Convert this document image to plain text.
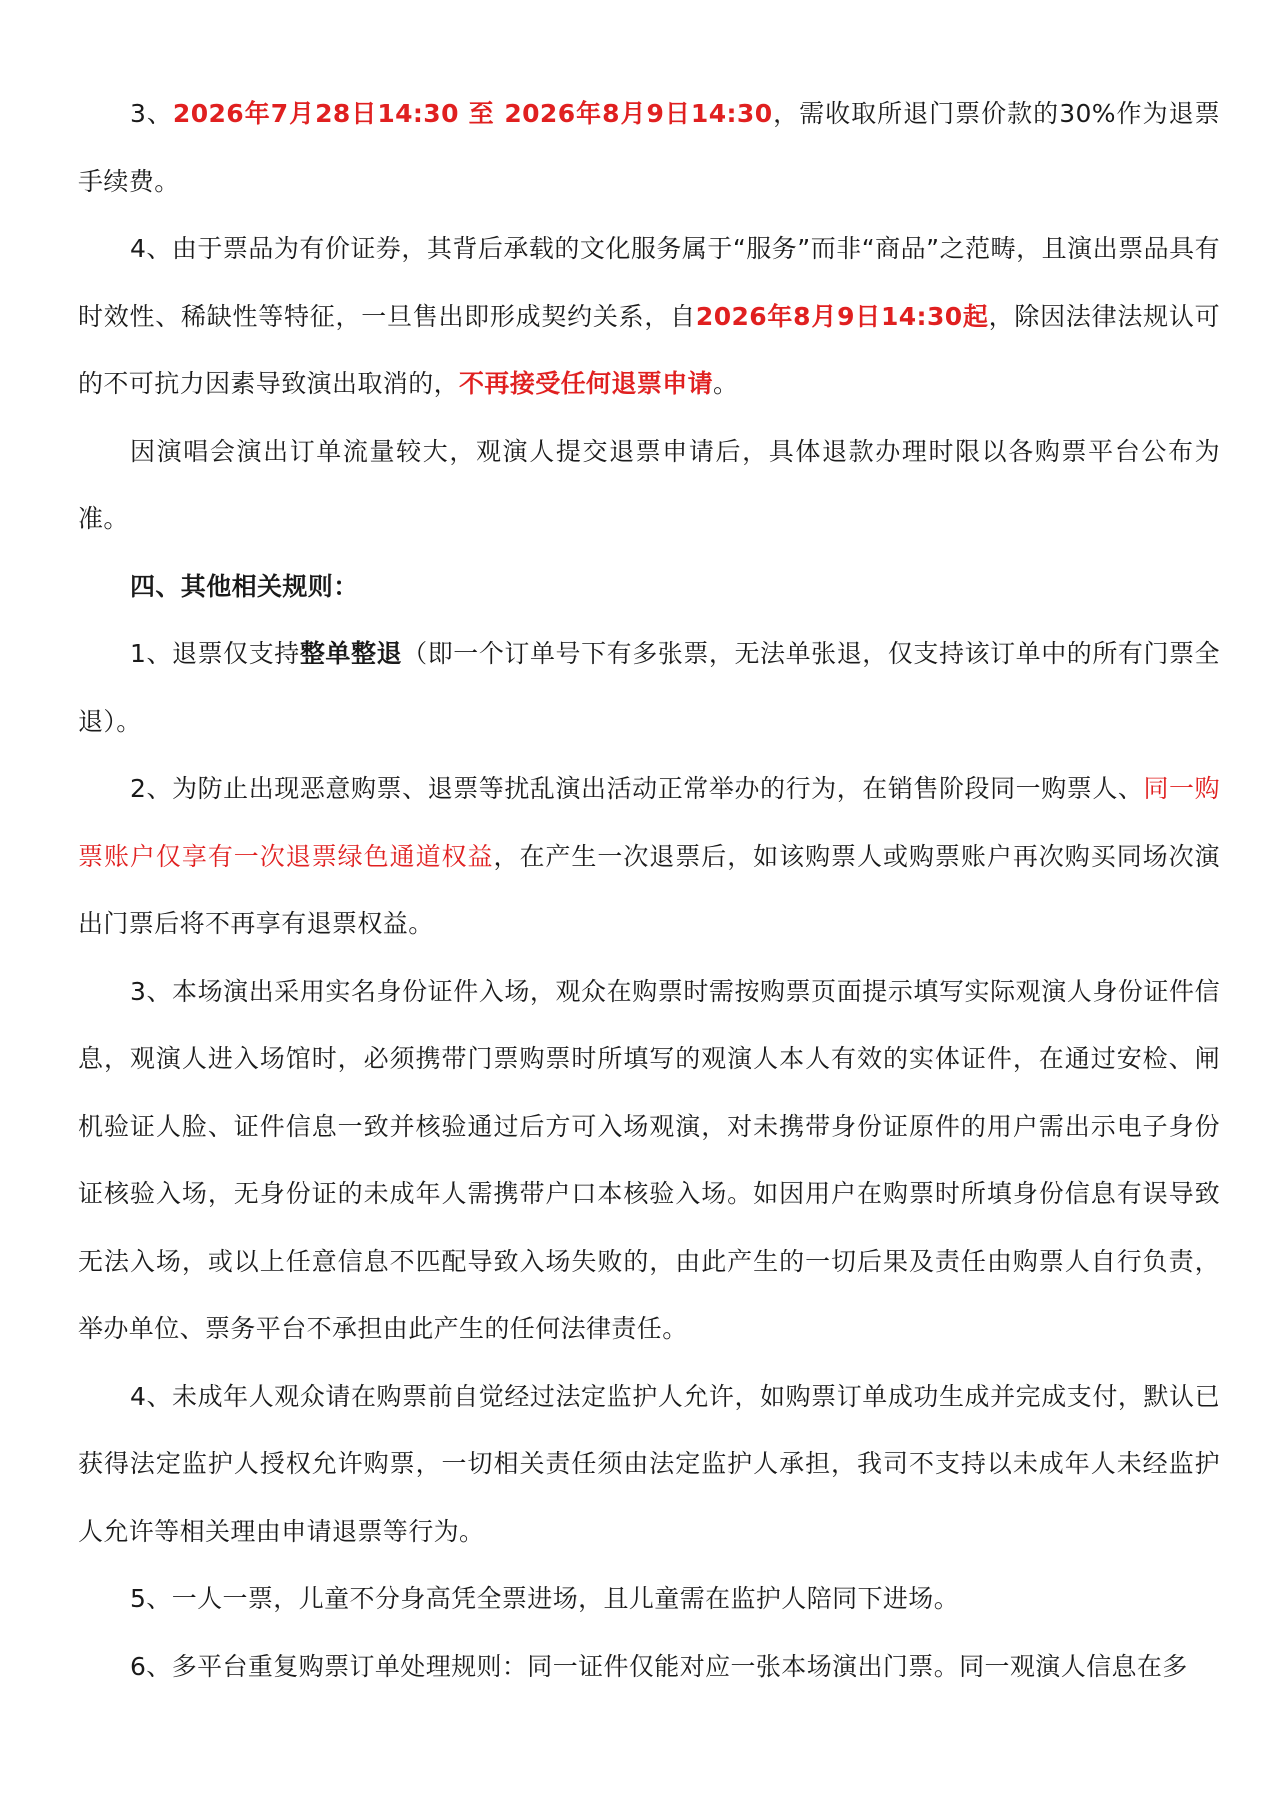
3、2026年7月28日14:30 至 2026年8月9日14:30，需收取所退门票价款的30%作为退票手续费。

4、由于票品为有价证券，其背后承载的文化服务属于“服务”而非“商品”之范畴，且演出票品具有时效性、稀缺性等特征，一旦售出即形成契约关系，自2026年8月9日14:30起，除因法律法规认可的不可抗力因素导致演出取消的，不再接受任何退票申请。

因演唱会演出订单流量较大，观演人提交退票申请后，具体退款办理时限以各购票平台公布为准。

四、其他相关规则：

1、退票仅支持整单整退（即一个订单号下有多张票，无法单张退，仅支持该订单中的所有门票全退）。

2、为防止出现恶意购票、退票等扰乱演出活动正常举办的行为，在销售阶段同一购票人、同一购票账户仅享有一次退票绿色通道权益，在产生一次退票后，如该购票人或购票账户再次购买同场次演出门票后将不再享有退票权益。

3、本场演出采用实名身份证件入场，观众在购票时需按购票页面提示填写实际观演人身份证件信息，观演人进入场馆时，必须携带门票购票时所填写的观演人本人有效的实体证件，在通过安检、闸机验证人脸、证件信息一致并核验通过后方可入场观演，对未携带身份证原件的用户需出示电子身份证核验入场，无身份证的未成年人需携带户口本核验入场。如因用户在购票时所填身份信息有误导致无法入场，或以上任意信息不匹配导致入场失败的，由此产生的一切后果及责任由购票人自行负责，举办单位、票务平台不承担由此产生的任何法律责任。

4、未成年人观众请在购票前自觉经过法定监护人允许，如购票订单成功生成并完成支付，默认已获得法定监护人授权允许购票，一切相关责任须由法定监护人承担，我司不支持以未成年人未经监护人允许等相关理由申请退票等行为。

5、一人一票，儿童不分身高凭全票进场，且儿童需在监护人陪同下进场。

6、多平台重复购票订单处理规则：同一证件仅能对应一张本场演出门票。同一观演人信息在多
